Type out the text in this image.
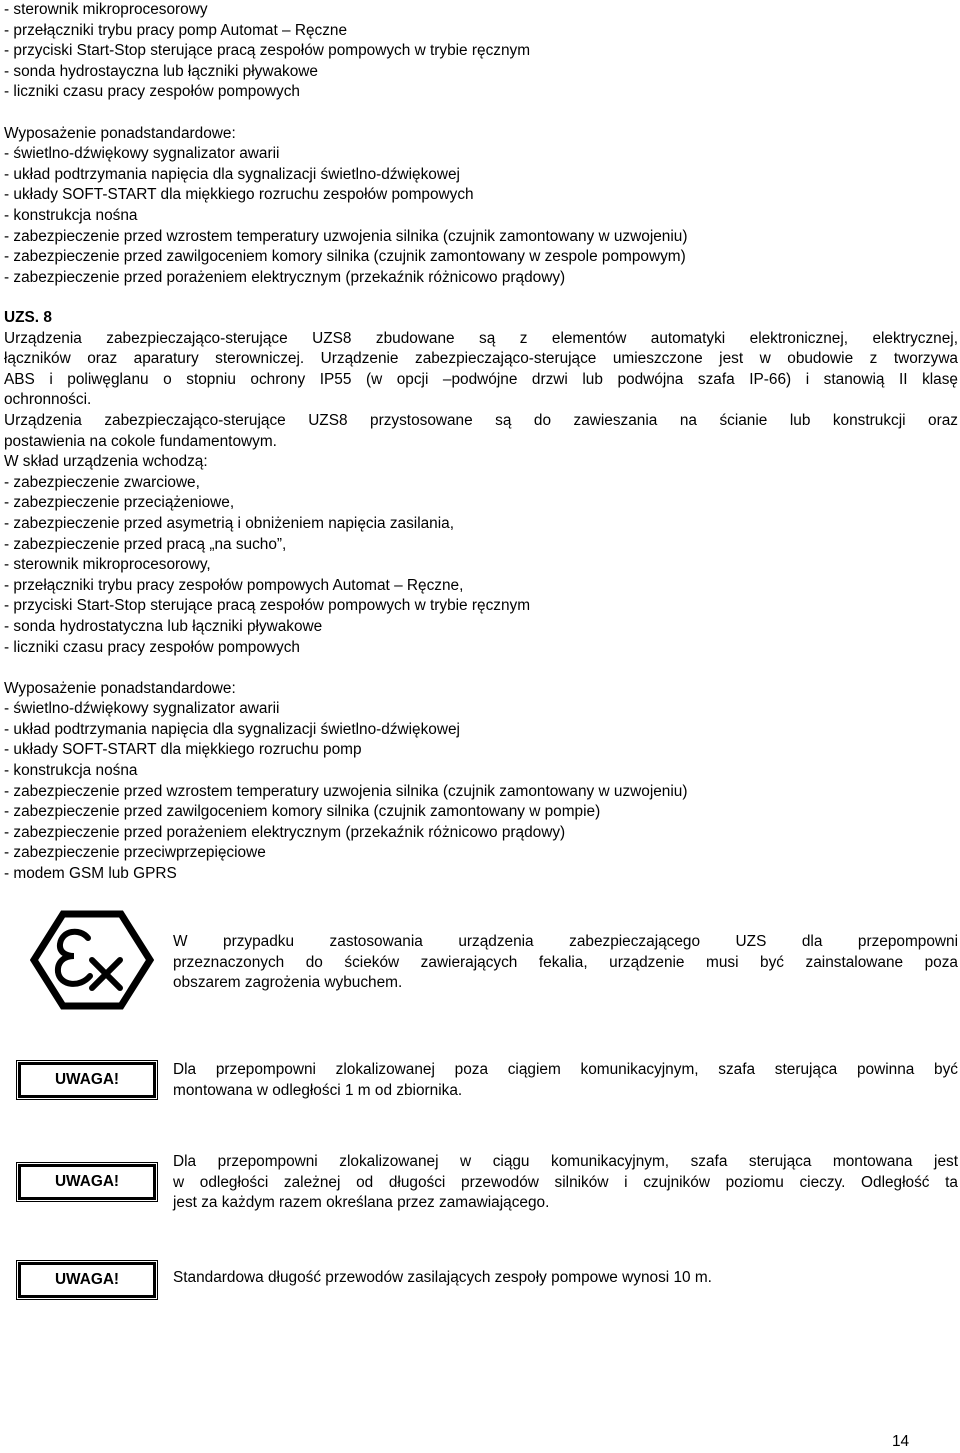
- sterownik mikroprocesorowy
- przełączniki trybu pracy pomp Automat – Ręczne
- przyciski Start-Stop sterujące pracą zespołów pompowych w trybie ręcznym
- sonda hydrostayczna lub łączniki pływakowe
- liczniki czasu pracy zespołów pompowych
Wyposażenie ponadstandardowe:
- świetlno-dźwiękowy sygnalizator awarii
- układ podtrzymania napięcia dla sygnalizacji świetlno-dźwiękowej
- układy SOFT-START dla miękkiego rozruchu zespołów pompowych
- konstrukcja nośna
- zabezpieczenie przed wzrostem temperatury uzwojenia silnika (czujnik zamontowany w uzwojeniu)
- zabezpieczenie przed zawilgoceniem komory silnika (czujnik zamontowany w zespole pompowym)
- zabezpieczenie przed porażeniem elektrycznym (przekaźnik różnicowo prądowy)
UZS. 8
Urządzenia zabezpieczająco-sterujące UZS8 zbudowane są z elementów automatyki elektronicznej, elektrycznej,
łączników oraz aparatury sterowniczej. Urządzenie zabezpieczająco-sterujące umieszczone jest w obudowie z tworzywa
ABS i poliwęglanu o stopniu ochrony IP55 (w opcji –podwójne drzwi lub podwójna szafa IP-66) i stanowią II klasę
ochronności.
Urządzenia zabezpieczająco-sterujące UZS8 przystosowane są do zawieszania na ścianie lub konstrukcji oraz
postawienia na cokole fundamentowym.
W skład urządzenia wchodzą:
- zabezpieczenie zwarciowe,
- zabezpieczenie przeciążeniowe,
- zabezpieczenie przed asymetrią i obniżeniem napięcia zasilania,
- zabezpieczenie przed pracą „na sucho”,
- sterownik mikroprocesorowy,
- przełączniki trybu pracy zespołów pompowych Automat – Ręczne,
- przyciski Start-Stop sterujące pracą zespołów pompowych w trybie ręcznym
- sonda hydrostatyczna lub łączniki pływakowe
- liczniki czasu pracy zespołów pompowych
Wyposażenie ponadstandardowe:
- świetlno-dźwiękowy sygnalizator awarii
- układ podtrzymania napięcia dla sygnalizacji świetlno-dźwiękowej
- układy SOFT-START dla miękkiego rozruchu pomp
- konstrukcja nośna
- zabezpieczenie przed wzrostem temperatury uzwojenia silnika (czujnik zamontowany w uzwojeniu)
- zabezpieczenie przed zawilgoceniem komory silnika (czujnik zamontowany w pompie)
- zabezpieczenie przed porażeniem elektrycznym (przekaźnik różnicowo prądowy)
- zabezpieczenie przeciwprzepięciowe
- modem GSM lub GPRS
W przypadku zastosowania urządzenia zabezpieczającego UZS dla przepompowni
przeznaczonych do ścieków zawierających fekalia, urządzenie musi być zainstalowane poza
obszarem zagrożenia wybuchem.
UWAGA!
Dla przepompowni zlokalizowanej poza ciągiem komunikacyjnym, szafa sterująca powinna być
montowana w odległości 1 m od zbiornika.
UWAGA!
Dla przepompowni zlokalizowanej w ciągu komunikacyjnym, szafa sterująca montowana jest
w odległości zależnej od długości przewodów silników i czujników poziomu cieczy. Odległość ta
jest za każdym razem określana przez zamawiającego.
UWAGA!	Standardowa długość przewodów zasilających zespoły pompowe wynosi 10 m.
14
